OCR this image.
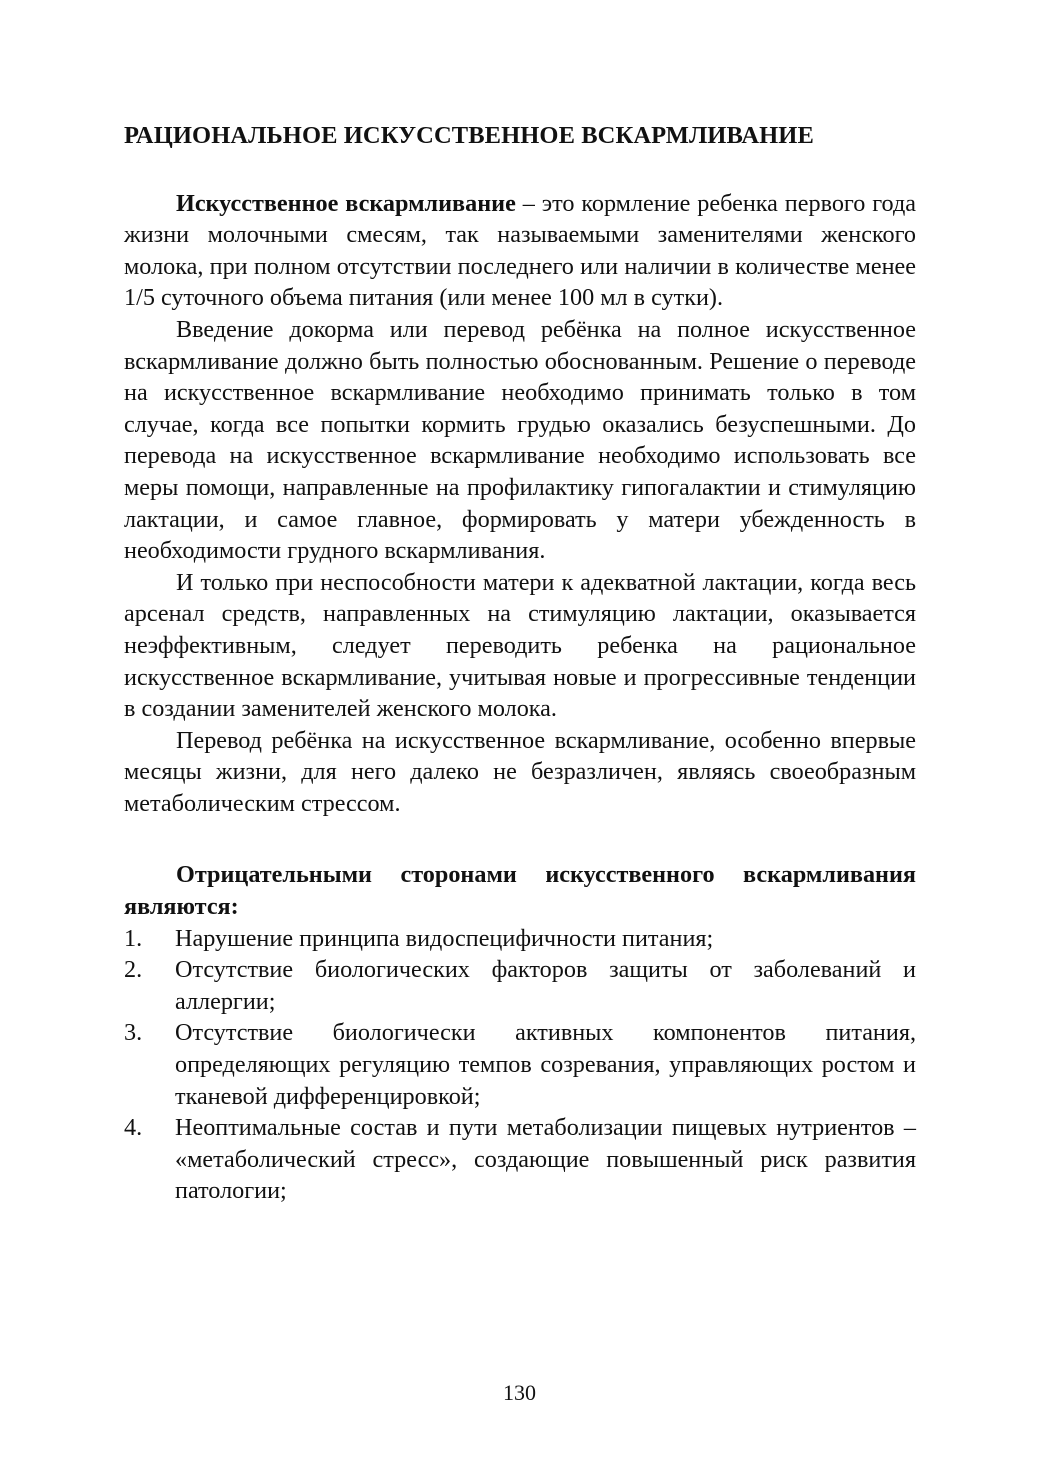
РАЦИОНАЛЬНОЕ ИСКУССТВЕННОЕ ВСКАРМЛИВАНИЕ

Искусственное вскармливание – это кормление ребенка первого года жизни молочными смесям, так называемыми заменителями женского молока, при полном отсутствии последнего или наличии в количестве менее 1/5 суточного объема питания (или менее 100 мл в сутки).

Введение докорма или перевод ребёнка на полное искусственное вскармливание должно быть полностью обоснованным. Решение о переводе на искусственное вскармливание необходимо принимать только в том случае, когда все попытки кормить грудью оказались безуспешными. До перевода на искусственное вскармливание необходимо использовать все меры помощи, направленные на профилактику гипогалактии и стимуляцию лактации, и самое главное, формировать у матери убежденность в необходимости грудного вскармливания.

И только при неспособности матери к адекватной лактации, когда весь арсенал средств, направленных на стимуляцию лактации, оказывается неэффективным, следует переводить ребенка на рациональное искусственное вскармливание, учитывая новые и прогрессивные тенденции в создании заменителей женского молока.

Перевод ребёнка на искусственное вскармливание, особенно впервые месяцы жизни, для него далеко не безразличен, являясь своеобразным метаболическим стрессом.

Отрицательными сторонами искусственного вскармливания являются:

1. Нарушение принципа видоспецифичности питания;
2. Отсутствие биологических факторов защиты от заболеваний и аллергии;
3. Отсутствие биологически активных компонентов питания, определяющих регуляцию темпов созревания, управляющих ростом и тканевой дифференцировкой;
4. Неоптимальные состав и пути метаболизации пищевых нутриентов – «метаболический стресс», создающие повышенный риск развития патологии;
130
